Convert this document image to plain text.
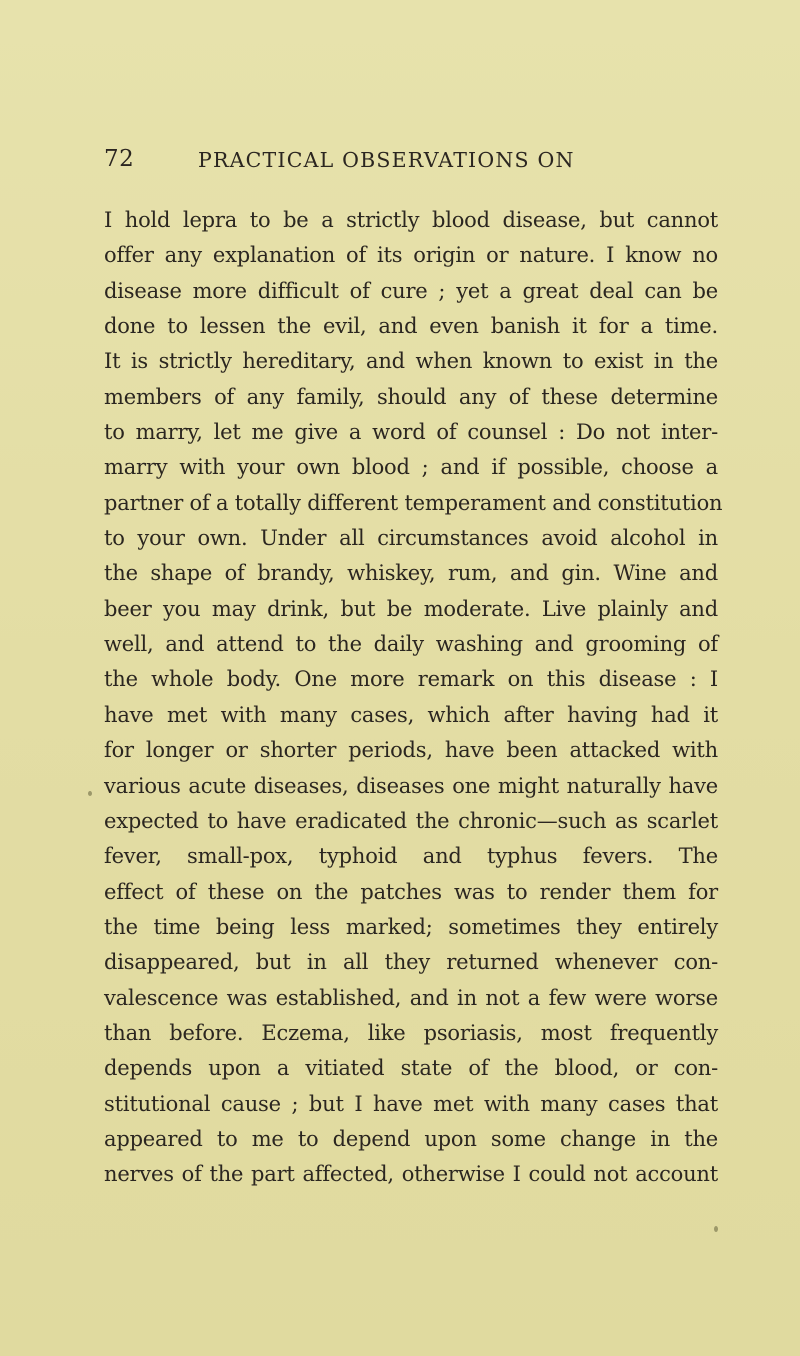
72	PRACTICAL OBSERVATIONS ON
I hold lepra to be a strictly blood disease, but cannot
offer any explanation of its origin or nature. I know no
disease more difficult of cure ; yet a great deal can be
done to lessen the evil, and even banish it for a time.
It is strictly hereditary, and when known to exist in the
members of any family, should any of these determine
to marry, let me give a word of counsel : Do not inter-
marry with your own blood ; and if possible, choose a
partner of a totally different temperament and constitution
to your own. Under all circumstances avoid alcohol in
the shape of brandy, whiskey, rum, and gin. Wine and
beer you may drink, but be moderate. Live plainly and
well, and attend to the daily washing and grooming of
the whole body. One more remark on this disease : I
have met with many cases, which after having had it
for longer or shorter periods, have been attacked with
various acute diseases, diseases one might naturally have
expected to have eradicated the chronic—such as scarlet
fever, small-pox, typhoid and typhus fevers. The
effect of these on the patches was to render them for
the time being less marked; sometimes they entirely
disappeared, but in all they returned whenever con-
valescence was established, and in not a few were worse
than before. Eczema, like psoriasis, most frequently
depends upon a vitiated state of the blood, or con-
stitutional cause ; but I have met with many cases that
appeared to me to depend upon some change in the
nerves of the part affected, otherwise I could not account
